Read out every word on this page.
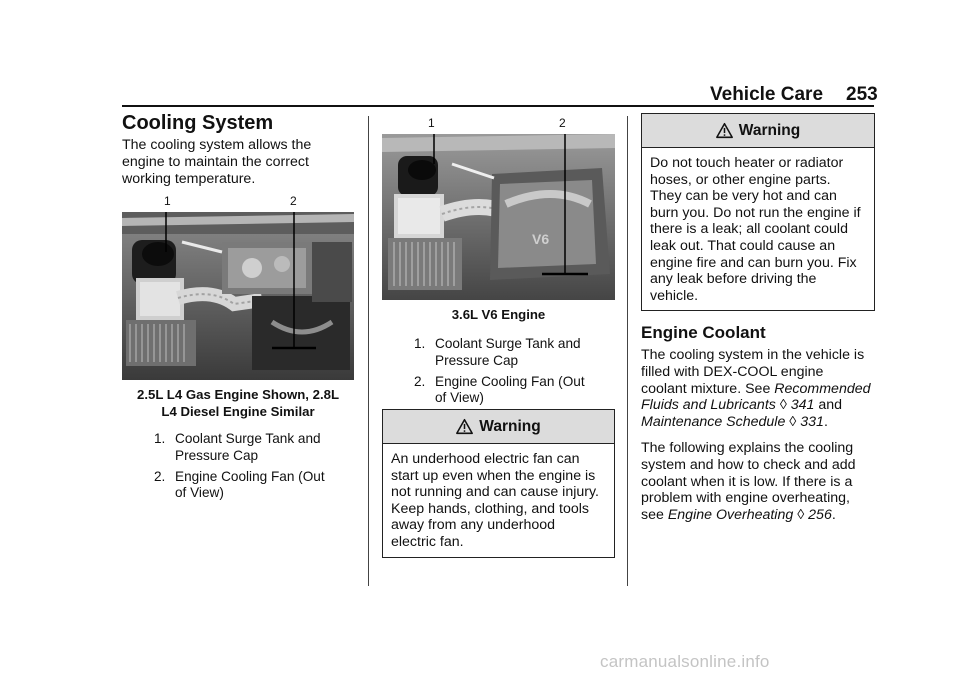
Vehicle Care 253
Cooling System
The cooling system allows the engine to maintain the correct working temperature.
1	2
2.5L L4 Gas Engine Shown, 2.8L
L4 Diesel Engine Similar
1. Coolant Surge Tank and
Pressure Cap
2. Engine Cooling Fan (Out
of View)
1	2
V6
3.6L V6 Engine
1. Coolant Surge Tank and
Pressure Cap
2. Engine Cooling Fan (Out
of View)
Warning
An underhood electric fan can
start up even when the engine is
not running and can cause injury.
Keep hands, clothing, and tools
away from any underhood
electric fan.
Warning
Do not touch heater or radiator
hoses, or other engine parts.
They can be very hot and can
burn you. Do not run the engine if
there is a leak; all coolant could
leak out. That could cause an
engine fire and can burn you. Fix
any leak before driving the
vehicle.
Engine Coolant
The cooling system in the vehicle is
filled with DEX-COOL engine
coolant mixture. See Recommended
Fluids and Lubricants ◊ 341 and
Maintenance Schedule ◊ 331.
The following explains the cooling
system and how to check and add
coolant when it is low. If there is a
problem with engine overheating,
see Engine Overheating ◊ 256.
carmanualsonline.info
